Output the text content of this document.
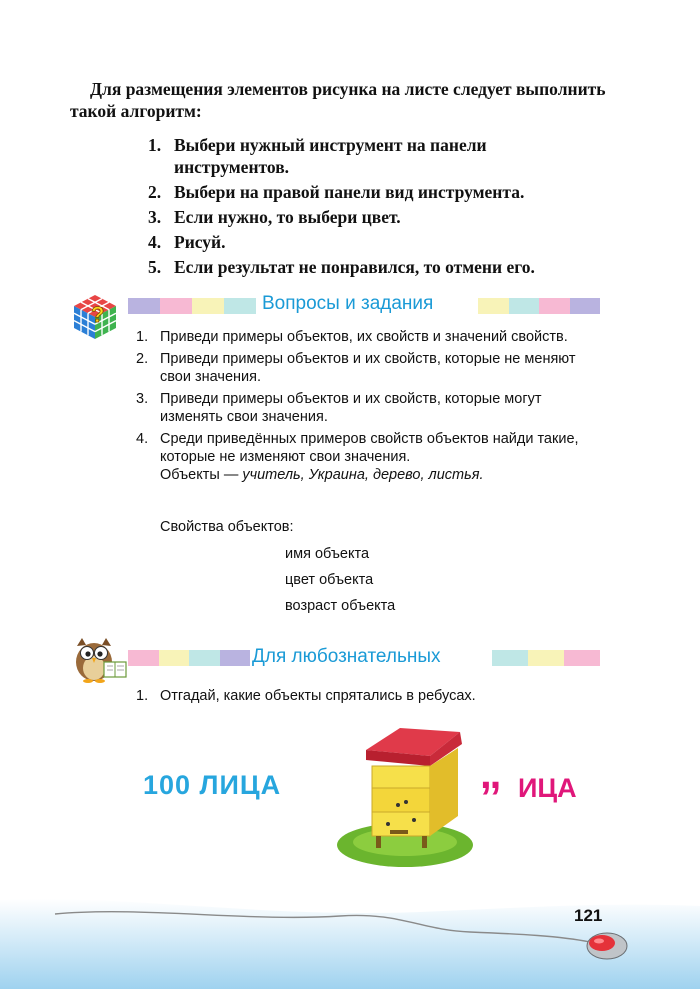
Для размещения элементов рисунка на листе следует выполнить такой алгоритм:

1. Выбери нужный инструмент на панели инструментов.
2. Выбери на правой панели вид инструмента.
3. Если нужно, то выбери цвет.
4. Рисуй.
5. Если результат не понравился, то отмени его.
?	Вопросы и задания
1. Приведи примеры объектов, их свойств и значений свойств.
2. Приведи примеры объектов и их свойств, которые не меняют свои значения.
3. Приведи примеры объектов и их свойств, которые могут изменять свои значения.
4. Среди приведённых примеров свойств объектов найди такие, которые не изменяют свои значения.
Объекты — учитель, Украина, дерево, листья.
Свойства объектов:
имя объекта
цвет объекта
возраст объекта
Для любознательных
1. Отгадай, какие объекты спрятались в ребусах.
100 ЛИЦА	,, ИЦА
121
